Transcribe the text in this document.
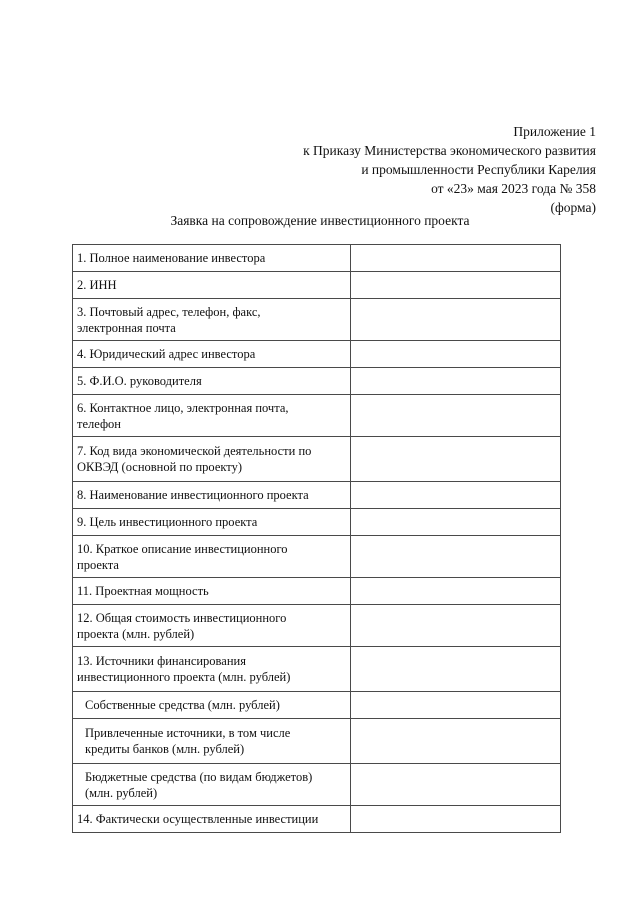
Приложение 1
к Приказу Министерства экономического развития
и промышленности Республики Карелия
от «23» мая 2023 года № 358
(форма)
Заявка на сопровождение инвестиционного проекта
1. Полное наименование инвестора	

2. ИНН	

3. Почтовый адрес, телефон, факс,
электронная почта	

4. Юридический адрес инвестора	

5. Ф.И.О. руководителя	

6. Контактное лицо, электронная почта,
телефон	

7. Код вида экономической деятельности по
ОКВЭД (основной по проекту)	

8. Наименование инвестиционного проекта	

9. Цель инвестиционного проекта	

10. Краткое описание инвестиционного
проекта	

11. Проектная мощность	

12. Общая стоимость инвестиционного
проекта (млн. рублей)	

13. Источники финансирования
инвестиционного проекта (млн. рублей)	

Собственные средства (млн. рублей)	

Привлеченные источники, в том числе
кредиты банков (млн. рублей)	

Бюджетные средства (по видам бюджетов)
(млн. рублей)	

14. Фактически осуществленные инвестиции	
